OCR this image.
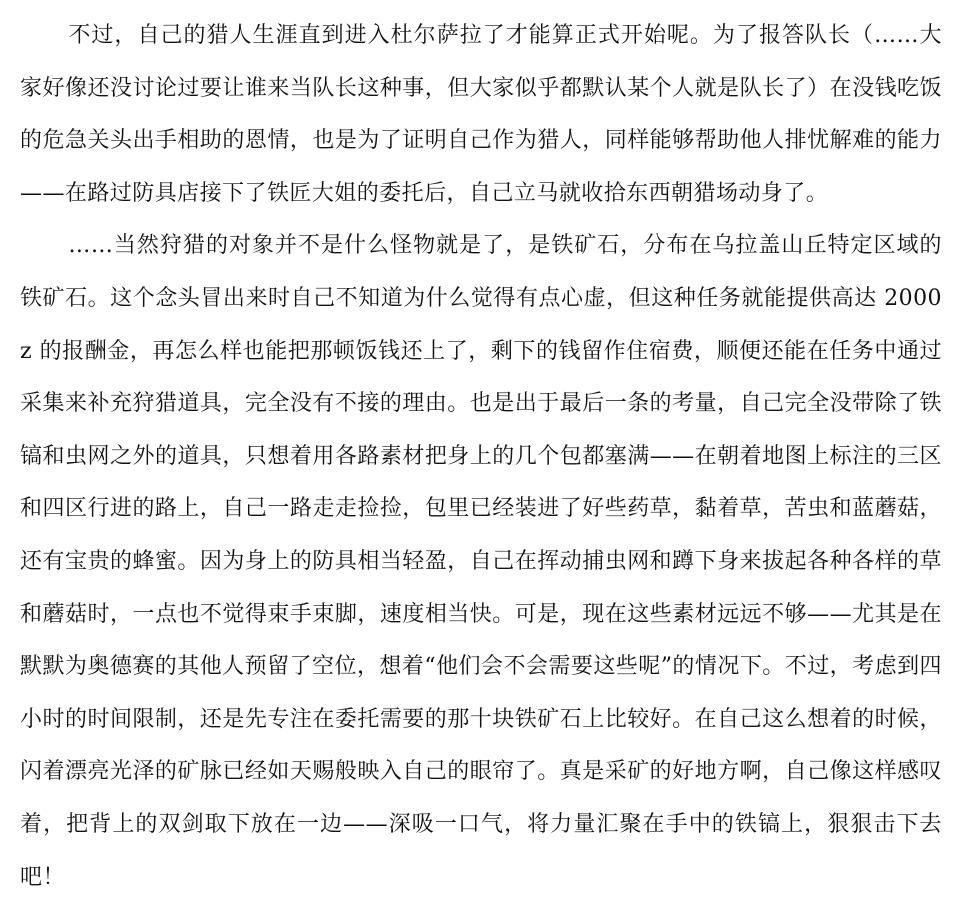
不过，自己的猎人生涯直到进入杜尔萨拉了才能算正式开始呢。为了报答队长（……大家好像还没讨论过要让谁来当队长这种事，但大家似乎都默认某个人就是队长了）在没钱吃饭的危急关头出手相助的恩情，也是为了证明自己作为猎人，同样能够帮助他人排忧解难的能力——在路过防具店接下了铁匠大姐的委托后，自己立马就收拾东西朝猎场动身了。

……当然狩猎的对象并不是什么怪物就是了，是铁矿石，分布在乌拉盖山丘特定区域的铁矿石。这个念头冒出来时自己不知道为什么觉得有点心虚，但这种任务就能提供高达 2000z 的报酬金，再怎么样也能把那顿饭钱还上了，剩下的钱留作住宿费，顺便还能在任务中通过采集来补充狩猎道具，完全没有不接的理由。也是出于最后一条的考量，自己完全没带除了铁镐和虫网之外的道具，只想着用各路素材把身上的几个包都塞满——在朝着地图上标注的三区和四区行进的路上，自己一路走走捡捡，包里已经装进了好些药草，黏着草，苦虫和蓝蘑菇，还有宝贵的蜂蜜。因为身上的防具相当轻盈，自己在挥动捕虫网和蹲下身来拔起各种各样的草和蘑菇时，一点也不觉得束手束脚，速度相当快。可是，现在这些素材远远不够——尤其是在默默为奥德赛的其他人预留了空位，想着“他们会不会需要这些呢”的情况下。不过，考虑到四小时的时间限制，还是先专注在委托需要的那十块铁矿石上比较好。在自己这么想着的时候，闪着漂亮光泽的矿脉已经如天赐般映入自己的眼帘了。真是采矿的好地方啊，自己像这样感叹着，把背上的双剑取下放在一边——深吸一口气，将力量汇聚在手中的铁镐上，狠狠击下去吧！
